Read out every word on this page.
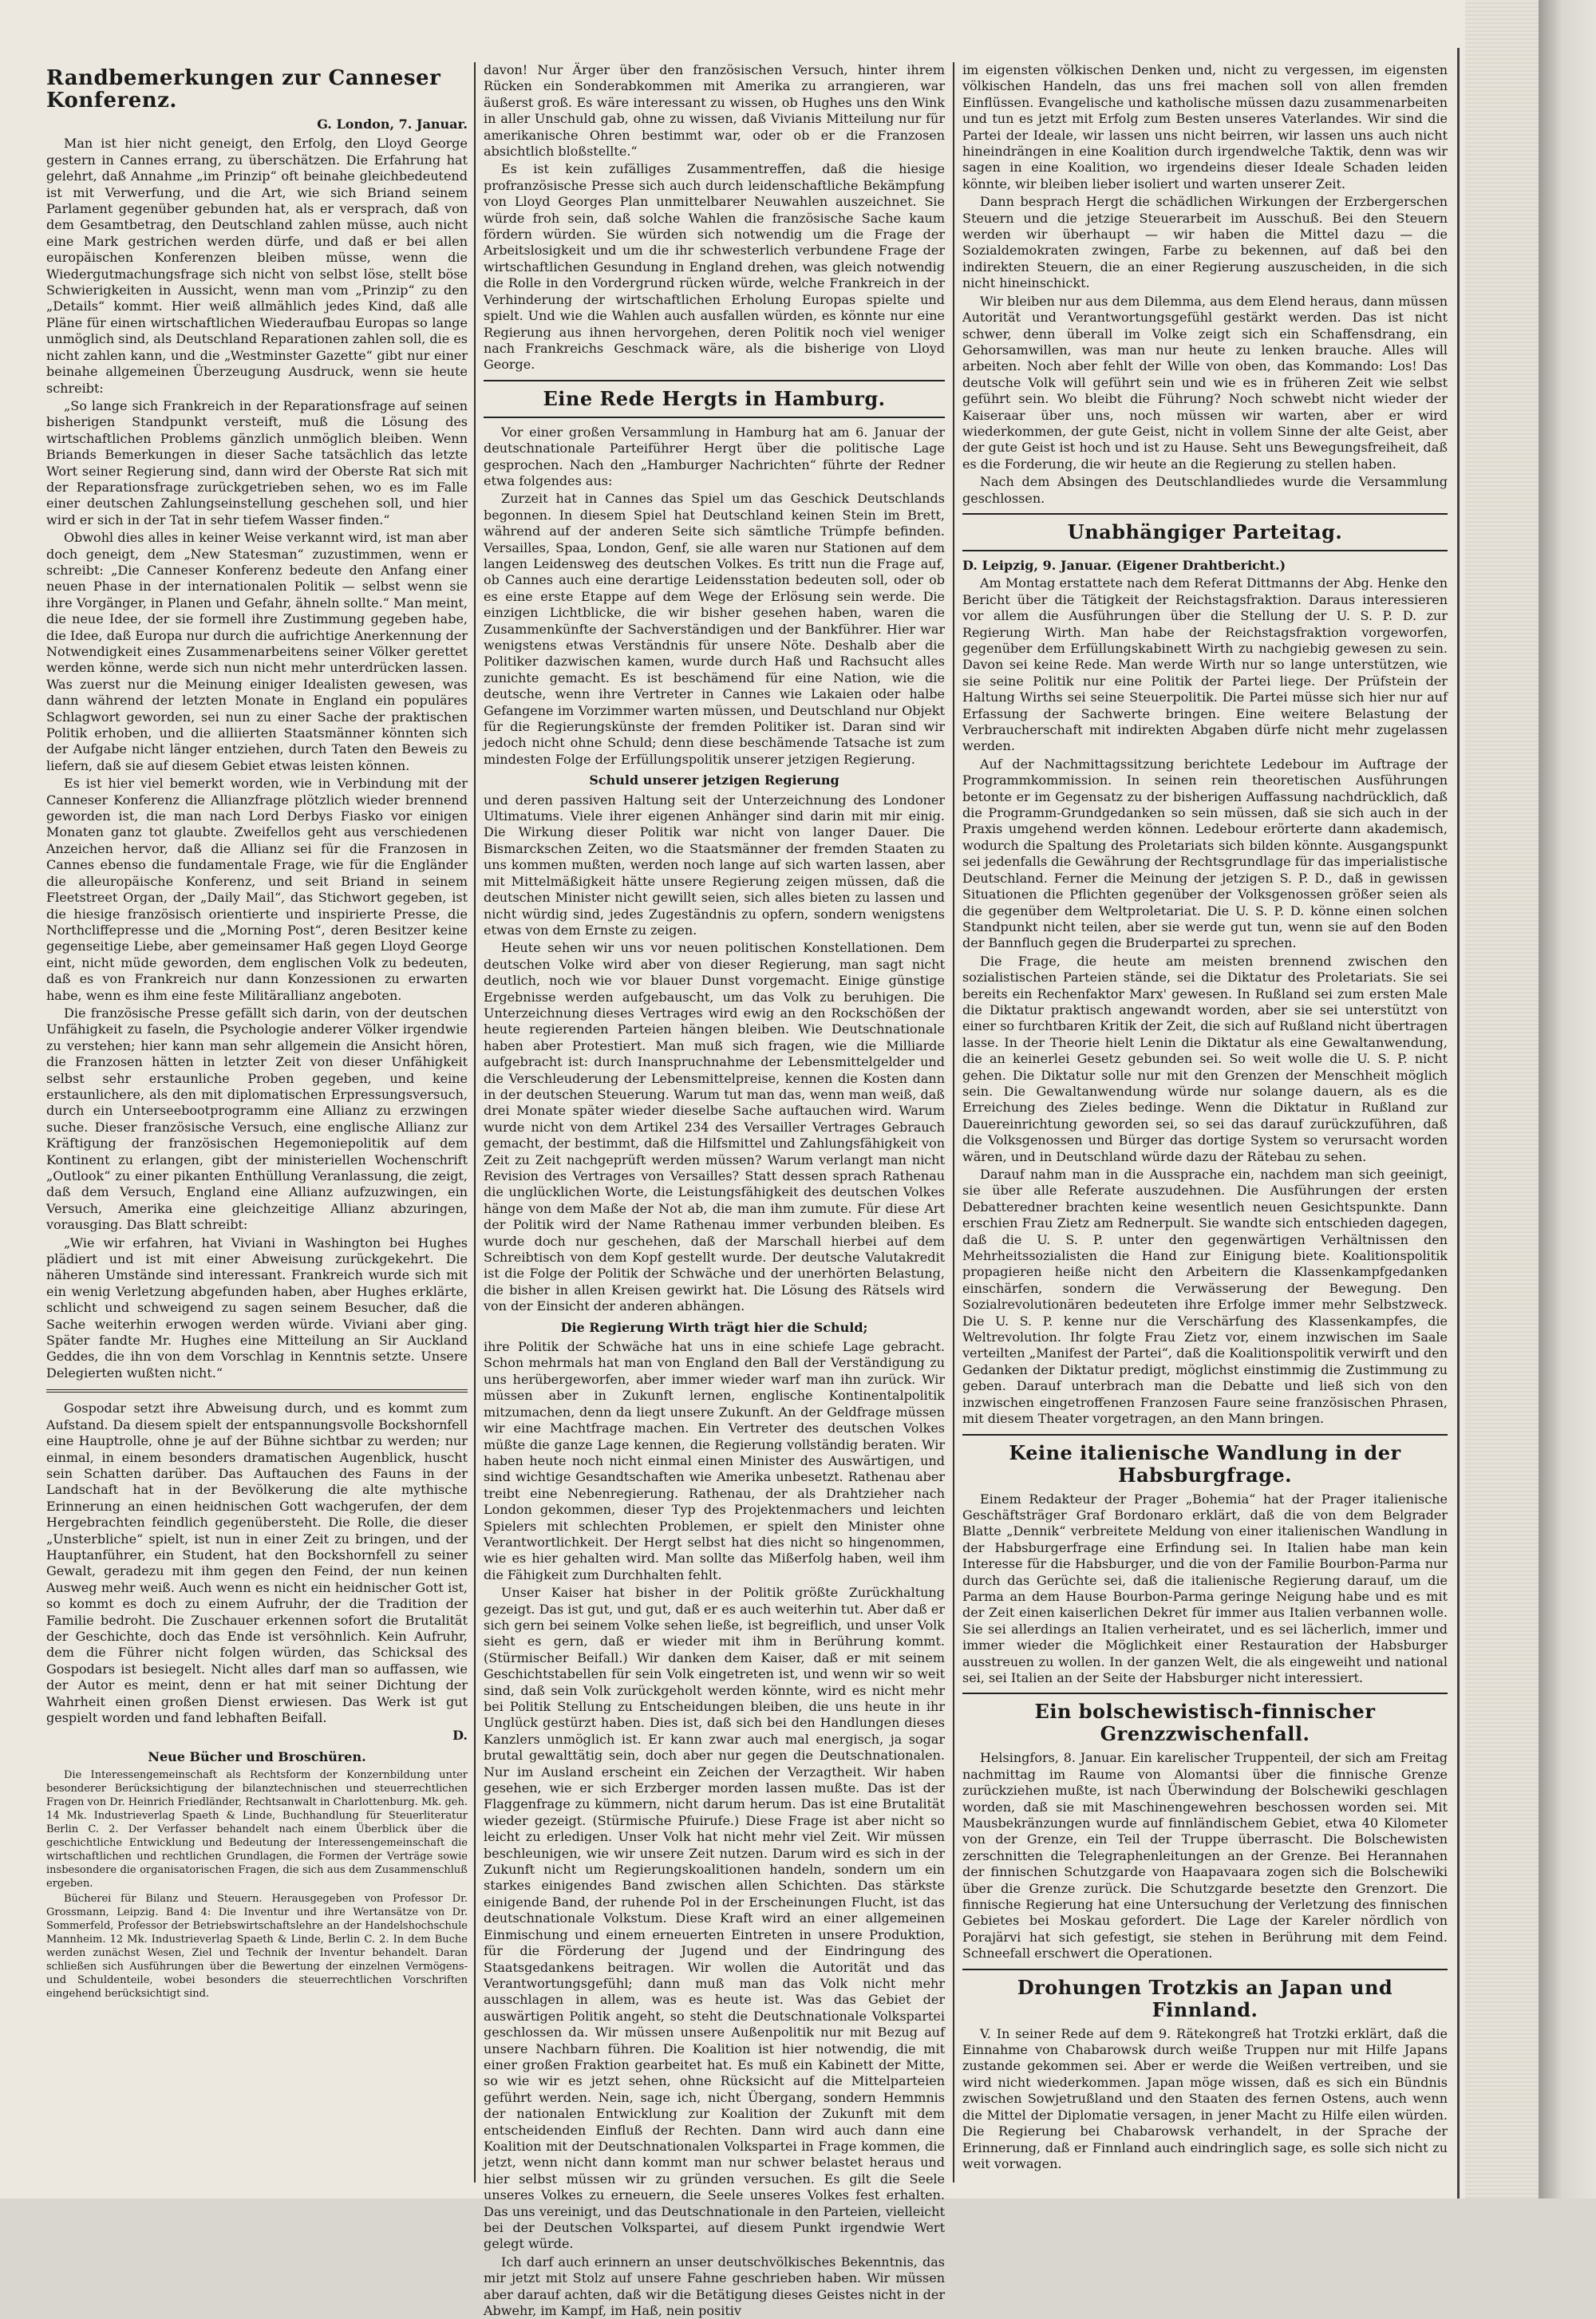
Randbemerkungen zur Canneser Konferenz.
G. London, 7. Januar.

Man ist hier nicht geneigt, den Erfolg, den Lloyd George gestern in Cannes errang, zu überschätzen. Die Erfahrung hat gelehrt, daß Annahme „im Prinzip“ oft beinahe gleichbedeutend ist mit Verwerfung, und die Art, wie sich Briand seinem Parlament gegenüber gebunden hat, als er versprach, daß von dem Gesamtbetrag, den Deutschland zahlen müsse, auch nicht eine Mark gestrichen werden dürfe, und daß er bei allen europäischen Konferenzen bleiben müsse, wenn die Wiedergutmachungsfrage sich nicht von selbst löse, stellt böse Schwierigkeiten in Aussicht, wenn man vom „Prinzip“ zu den „Details“ kommt. Hier weiß allmählich jedes Kind, daß alle Pläne für einen wirtschaftlichen Wiederaufbau Europas so lange unmöglich sind, als Deutschland Reparationen zahlen soll, die es nicht zahlen kann, und die „Westminster Gazette“ gibt nur einer beinahe allgemeinen Überzeugung Ausdruck, wenn sie heute schreibt:

„So lange sich Frankreich in der Reparationsfrage auf seinen bisherigen Standpunkt versteift, muß die Lösung des wirtschaftlichen Problems gänzlich unmöglich bleiben. Wenn Briands Bemerkungen in dieser Sache tatsächlich das letzte Wort seiner Regierung sind, dann wird der Oberste Rat sich mit der Reparationsfrage zurückgetrieben sehen, wo es im Falle einer deutschen Zahlungseinstellung geschehen soll, und hier wird er sich in der Tat in sehr tiefem Wasser finden.“

Obwohl dies alles in keiner Weise verkannt wird, ist man aber doch geneigt, dem „New Statesman“ zuzustimmen, wenn er schreibt: „Die Canneser Konferenz bedeute den Anfang einer neuen Phase in der internationalen Politik — selbst wenn sie ihre Vorgänger, in Planen und Gefahr, ähneln sollte.“ Man meint, die neue Idee, der sie formell ihre Zustimmung gegeben habe, die Idee, daß Europa nur durch die aufrichtige Anerkennung der Notwendigkeit eines Zusammenarbeitens seiner Völker gerettet werden könne, werde sich nun nicht mehr unterdrücken lassen. Was zuerst nur die Meinung einiger Idealisten gewesen, was dann während der letzten Monate in England ein populäres Schlagwort geworden, sei nun zu einer Sache der praktischen Politik erhoben, und die alliierten Staatsmänner könnten sich der Aufgabe nicht länger entziehen, durch Taten den Beweis zu liefern, daß sie auf diesem Gebiet etwas leisten können.

Es ist hier viel bemerkt worden, wie in Verbindung mit der Canneser Konferenz die Allianzfrage plötzlich wieder brennend geworden ist, die man nach Lord Derbys Fiasko vor einigen Monaten ganz tot glaubte. Zweifellos geht aus verschiedenen Anzeichen hervor, daß die Allianz sei für die Franzosen in Cannes ebenso die fundamentale Frage, wie für die Engländer die alleuropäische Konferenz, und seit Briand in seinem Fleetstreet Organ, der „Daily Mail“, das Stichwort gegeben, ist die hiesige französisch orientierte und inspirierte Presse, die Northcliffepresse und die „Morning Post“, deren Besitzer keine gegenseitige Liebe, aber gemeinsamer Haß gegen Lloyd George eint, nicht müde geworden, dem englischen Volk zu bedeuten, daß es von Frankreich nur dann Konzessionen zu erwarten habe, wenn es ihm eine feste Militärallianz angeboten.

Die französische Presse gefällt sich darin, von der deutschen Unfähigkeit zu faseln, die Psychologie anderer Völker irgendwie zu verstehen; hier kann man sehr allgemein die Ansicht hören, die Franzosen hätten in letzter Zeit von dieser Unfähigkeit selbst sehr erstaunliche Proben gegeben, und keine erstaunlichere, als den mit diplomatischen Erpressungsversuch, durch ein Unterseebootprogramm eine Allianz zu erzwingen suche. Dieser französische Versuch, eine englische Allianz zur Kräftigung der französischen Hegemoniepolitik auf dem Kontinent zu erlangen, gibt der ministeriellen Wochenschrift „Outlook“ zu einer pikanten Enthüllung Veranlassung, die zeigt, daß dem Versuch, England eine Allianz aufzuzwingen, ein Versuch, Amerika eine gleichzeitige Allianz abzuringen, vorausging. Das Blatt schreibt:

„Wie wir erfahren, hat Viviani in Washington bei Hughes plädiert und ist mit einer Abweisung zurückgekehrt. Die näheren Umstände sind interessant. Frankreich wurde sich mit ein wenig Verletzung abgefunden haben, aber Hughes erklärte, schlicht und schweigend zu sagen seinem Besucher, daß die Sache weiterhin erwogen werden würde. Viviani aber ging. Später fandte Mr. Hughes eine Mitteilung an Sir Auckland Geddes, die ihn von dem Vorschlag in Kenntnis setzte. Unsere Delegierten wußten nicht.“

Gospodar setzt ihre Abweisung durch, und es kommt zum Aufstand. Da diesem spielt der entspannungsvolle Bockshornfell eine Hauptrolle, ohne je auf der Bühne sichtbar zu werden; nur einmal, in einem besonders dramatischen Augenblick, huscht sein Schatten darüber. Das Auftauchen des Fauns in der Landschaft hat in der Bevölkerung die alte mythische Erinnerung an einen heidnischen Gott wachgerufen, der dem Hergebrachten feindlich gegenübersteht. Die Rolle, die dieser „Unsterbliche“ spielt, ist nun in einer Zeit zu bringen, und der Hauptanführer, ein Student, hat den Bockshornfell zu seiner Gewalt, geradezu mit ihm gegen den Feind, der nun keinen Ausweg mehr weiß. Auch wenn es nicht ein heidnischer Gott ist, so kommt es doch zu einem Aufruhr, der die Tradition der Familie bedroht. Die Zuschauer erkennen sofort die Brutalität der Geschichte, doch das Ende ist versöhnlich. Kein Aufruhr, dem die Führer nicht folgen würden, das Schicksal des Gospodars ist besiegelt. Nicht alles darf man so auffassen, wie der Autor es meint, denn er hat mit seiner Dichtung der Wahrheit einen großen Dienst erwiesen. Das Werk ist gut gespielt worden und fand lebhaften Beifall.

D.
Neue Bücher und Broschüren.

Die Interessengemeinschaft als Rechtsform der Konzernbildung unter besonderer Berücksichtigung der bilanztechnischen und steuerrechtlichen Fragen von Dr. Heinrich Friedländer, Rechtsanwalt in Charlottenburg. Mk. geh. 14 Mk. Industrieverlag Spaeth & Linde, Buchhandlung für Steuerliteratur Berlin C. 2. Der Verfasser behandelt nach einem Überblick über die geschichtliche Entwicklung und Bedeutung der Interessengemeinschaft die wirtschaftlichen und rechtlichen Grundlagen, die Formen der Verträge sowie insbesondere die organisatorischen Fragen, die sich aus dem Zusammenschluß ergeben.

Bücherei für Bilanz und Steuern. Herausgegeben von Professor Dr. Grossmann, Leipzig. Band 4: Die Inventur und ihre Wertansätze von Dr. Sommerfeld, Professor der Betriebswirtschaftslehre an der Handelshochschule Mannheim. 12 Mk. Industrieverlag Spaeth & Linde, Berlin C. 2. In dem Buche werden zunächst Wesen, Ziel und Technik der Inventur behandelt. Daran schließen sich Ausführungen über die Bewertung der einzelnen Vermögens- und Schuldenteile, wobei besonders die steuerrechtlichen Vorschriften eingehend berücksichtigt sind.

davon! Nur Ärger über den französischen Versuch, hinter ihrem Rücken ein Sonderabkommen mit Amerika zu arrangieren, war äußerst groß. Es wäre interessant zu wissen, ob Hughes uns den Wink in aller Unschuld gab, ohne zu wissen, daß Vivianis Mitteilung nur für amerikanische Ohren bestimmt war, oder ob er die Franzosen absichtlich bloßstellte.“

Es ist kein zufälliges Zusammentreffen, daß die hiesige profranzösische Presse sich auch durch leidenschaftliche Bekämpfung von Lloyd Georges Plan unmittelbarer Neuwahlen auszeichnet. Sie würde froh sein, daß solche Wahlen die französische Sache kaum fördern würden. Sie würden sich notwendig um die Frage der Arbeitslosigkeit und um die ihr schwesterlich verbundene Frage der wirtschaftlichen Gesundung in England drehen, was gleich notwendig die Rolle in den Vordergrund rücken würde, welche Frankreich in der Verhinderung der wirtschaftlichen Erholung Europas spielte und spielt. Und wie die Wahlen auch ausfallen würden, es könnte nur eine Regierung aus ihnen hervorgehen, deren Politik noch viel weniger nach Frankreichs Geschmack wäre, als die bisherige von Lloyd George.

Eine Rede Hergts in Hamburg.

Vor einer großen Versammlung in Hamburg hat am 6. Januar der deutschnationale Parteiführer Hergt über die politische Lage gesprochen. Nach den „Hamburger Nachrichten“ führte der Redner etwa folgendes aus:

Zurzeit hat in Cannes das Spiel um das Geschick Deutschlands begonnen. In diesem Spiel hat Deutschland keinen Stein im Brett, während auf der anderen Seite sich sämtliche Trümpfe befinden. Versailles, Spaa, London, Genf, sie alle waren nur Stationen auf dem langen Leidensweg des deutschen Volkes. Es tritt nun die Frage auf, ob Cannes auch eine derartige Leidensstation bedeuten soll, oder ob es eine erste Etappe auf dem Wege der Erlösung sein werde. Die einzigen Lichtblicke, die wir bisher gesehen haben, waren die Zusammenkünfte der Sachverständigen und der Bankführer. Hier war wenigstens etwas Verständnis für unsere Nöte. Deshalb aber die Politiker dazwischen kamen, wurde durch Haß und Rachsucht alles zunichte gemacht. Es ist beschämend für eine Nation, wie die deutsche, wenn ihre Vertreter in Cannes wie Lakaien oder halbe Gefangene im Vorzimmer warten müssen, und Deutschland nur Objekt für die Regierungskünste der fremden Politiker ist. Daran sind wir jedoch nicht ohne Schuld; denn diese beschämende Tatsache ist zum mindesten Folge der Erfüllungspolitik unserer jetzigen Regierung.

Schuld unserer jetzigen Regierung

und deren passiven Haltung seit der Unterzeichnung des Londoner Ultimatums. Viele ihrer eigenen Anhänger sind darin mit mir einig. Die Wirkung dieser Politik war nicht von langer Dauer. Die Bismarckschen Zeiten, wo die Staatsmänner der fremden Staaten zu uns kommen mußten, werden noch lange auf sich warten lassen, aber mit Mittelmäßigkeit hätte unsere Regierung zeigen müssen, daß die deutschen Minister nicht gewillt seien, sich alles bieten zu lassen und nicht würdig sind, jedes Zugeständnis zu opfern, sondern wenigstens etwas von dem Ernste zu zeigen.

Heute sehen wir uns vor neuen politischen Konstellationen. Dem deutschen Volke wird aber von dieser Regierung, man sagt nicht deutlich, noch wie vor blauer Dunst vorgemacht. Einige günstige Ergebnisse werden aufgebauscht, um das Volk zu beruhigen. Die Unterzeichnung dieses Vertrages wird ewig an den Rockschößen der heute regierenden Parteien hängen bleiben. Wie Deutschnationale haben aber Protestiert. Man muß sich fragen, wie die Milliarde aufgebracht ist: durch Inanspruchnahme der Lebensmittelgelder und die Verschleuderung der Lebensmittelpreise, kennen die Kosten dann in der deutschen Steuerung. Warum tut man das, wenn man weiß, daß drei Monate später wieder dieselbe Sache auftauchen wird. Warum wurde nicht von dem Artikel 234 des Versailler Vertrages Gebrauch gemacht, der bestimmt, daß die Hilfsmittel und Zahlungsfähigkeit von Zeit zu Zeit nachgeprüft werden müssen? Warum verlangt man nicht Revision des Vertrages von Versailles? Statt dessen sprach Rathenau die unglücklichen Worte, die Leistungsfähigkeit des deutschen Volkes hänge von dem Maße der Not ab, die man ihm zumute. Für diese Art der Politik wird der Name Rathenau immer verbunden bleiben. Es wurde doch nur geschehen, daß der Marschall hierbei auf dem Schreibtisch von dem Kopf gestellt wurde. Der deutsche Valutakredit ist die Folge der Politik der Schwäche und der unerhörten Belastung, die bisher in allen Kreisen gewirkt hat. Die Lösung des Rätsels wird von der Einsicht der anderen abhängen.

Die Regierung Wirth trägt hier die Schuld;

ihre Politik der Schwäche hat uns in eine schiefe Lage gebracht. Schon mehrmals hat man von England den Ball der Verständigung zu uns herübergeworfen, aber immer wieder warf man ihn zurück. Wir müssen aber in Zukunft lernen, englische Kontinentalpolitik mitzumachen, denn da liegt unsere Zukunft. An der Geldfrage müssen wir eine Machtfrage machen. Ein Vertreter des deutschen Volkes müßte die ganze Lage kennen, die Regierung vollständig beraten. Wir haben heute noch nicht einmal einen Minister des Auswärtigen, und sind wichtige Gesandtschaften wie Amerika unbesetzt. Rathenau aber treibt eine Nebenregierung. Rathenau, der als Drahtzieher nach London gekommen, dieser Typ des Projektenmachers und leichten Spielers mit schlechten Problemen, er spielt den Minister ohne Verantwortlichkeit. Der Hergt selbst hat dies nicht so hingenommen, wie es hier gehalten wird. Man sollte das Mißerfolg haben, weil ihm die Fähigkeit zum Durchhalten fehlt.

Unser Kaiser hat bisher in der Politik größte Zurückhaltung gezeigt. Das ist gut, und gut, daß er es auch weiterhin tut. Aber daß er sich gern bei seinem Volke sehen ließe, ist begreiflich, und unser Volk sieht es gern, daß er wieder mit ihm in Berührung kommt. (Stürmischer Beifall.) Wir danken dem Kaiser, daß er mit seinem Geschichtstabellen für sein Volk eingetreten ist, und wenn wir so weit sind, daß sein Volk zurückgeholt werden könnte, wird es nicht mehr bei Politik Stellung zu Entscheidungen bleiben, die uns heute in ihr Unglück gestürzt haben. Dies ist, daß sich bei den Handlungen dieses Kanzlers unmöglich ist. Er kann zwar auch mal energisch, ja sogar brutal gewalttätig sein, doch aber nur gegen die Deutschnationalen. Nur im Ausland erscheint ein Zeichen der Verzagtheit. Wir haben gesehen, wie er sich Erzberger morden lassen mußte. Das ist der Flaggenfrage zu kümmern, nicht darum herum. Das ist eine Brutalität wieder gezeigt. (Stürmische Pfuirufe.) Diese Frage ist aber nicht so leicht zu erledigen. Unser Volk hat nicht mehr viel Zeit. Wir müssen beschleunigen, wie wir unsere Zeit nutzen. Darum wird es sich in der Zukunft nicht um Regierungskoalitionen handeln, sondern um ein starkes einigendes Band zwischen allen Schichten. Das stärkste einigende Band, der ruhende Pol in der Erscheinungen Flucht, ist das deutschnationale Volkstum. Diese Kraft wird an einer allgemeinen Einmischung und einem erneuerten Eintreten in unsere Produktion, für die Förderung der Jugend und der Eindringung des Staatsgedankens beitragen. Wir wollen die Autorität und das Verantwortungsgefühl; dann muß man das Volk nicht mehr ausschlagen in allem, was es heute ist. Was das Gebiet der auswärtigen Politik angeht, so steht die Deutschnationale Volkspartei geschlossen da. Wir müssen unsere Außenpolitik nur mit Bezug auf unsere Nachbarn führen. Die Koalition ist hier notwendig, die mit einer großen Fraktion gearbeitet hat. Es muß ein Kabinett der Mitte, so wie wir es jetzt sehen, ohne Rücksicht auf die Mittelparteien geführt werden. Nein, sage ich, nicht Übergang, sondern Hemmnis der nationalen Entwicklung zur Koalition der Zukunft mit dem entscheidenden Einfluß der Rechten. Dann wird auch dann eine Koalition mit der Deutschnationalen Volkspartei in Frage kommen, die jetzt, wenn nicht dann kommt man nur schwer belastet heraus und hier selbst müssen wir zu gründen versuchen. Es gilt die Seele unseres Volkes zu erneuern, die Seele unseres Volkes fest erhalten. Das uns vereinigt, und das Deutschnationale in den Parteien, vielleicht bei der Deutschen Volkspartei, auf diesem Punkt irgendwie Wert gelegt würde.

Ich darf auch erinnern an unser deutschvölkisches Bekenntnis, das mir jetzt mit Stolz auf unsere Fahne geschrieben haben. Wir müssen aber darauf achten, daß wir die Betätigung dieses Geistes nicht in der Abwehr, im Kampf, im Haß, nein positiv

im eigensten völkischen Denken und, nicht zu vergessen, im eigensten völkischen Handeln, das uns frei machen soll von allen fremden Einflüssen. Evangelische und katholische müssen dazu zusammenarbeiten und tun es jetzt mit Erfolg zum Besten unseres Vaterlandes. Wir sind die Partei der Ideale, wir lassen uns nicht beirren, wir lassen uns auch nicht hineindrängen in eine Koalition durch irgendwelche Taktik, denn was wir sagen in eine Koalition, wo irgendeins dieser Ideale Schaden leiden könnte, wir bleiben lieber isoliert und warten unserer Zeit.

Dann besprach Hergt die schädlichen Wirkungen der Erzbergerschen Steuern und die jetzige Steuerarbeit im Ausschuß. Bei den Steuern werden wir überhaupt — wir haben die Mittel dazu — die Sozialdemokraten zwingen, Farbe zu bekennen, auf daß bei den indirekten Steuern, die an einer Regierung auszuscheiden, in die sich nicht hineinschickt.

Wir bleiben nur aus dem Dilemma, aus dem Elend heraus, dann müssen Autorität und Verantwortungsgefühl gestärkt werden. Das ist nicht schwer, denn überall im Volke zeigt sich ein Schaffensdrang, ein Gehorsamwillen, was man nur heute zu lenken brauche. Alles will arbeiten. Noch aber fehlt der Wille von oben, das Kommando: Los! Das deutsche Volk will geführt sein und wie es in früheren Zeit wie selbst geführt sein. Wo bleibt die Führung? Noch schwebt nicht wieder der Kaiseraar über uns, noch müssen wir warten, aber er wird wiederkommen, der gute Geist, nicht in vollem Sinne der alte Geist, aber der gute Geist ist hoch und ist zu Hause. Seht uns Bewegungsfreiheit, daß es die Forderung, die wir heute an die Regierung zu stellen haben.

Nach dem Absingen des Deutschlandliedes wurde die Versammlung geschlossen.

Unabhängiger Parteitag.

D. Leipzig, 9. Januar. (Eigener Drahtbericht.)

Am Montag erstattete nach dem Referat Dittmanns der Abg. Henke den Bericht über die Tätigkeit der Reichstagsfraktion. Daraus interessieren vor allem die Ausführungen über die Stellung der U. S. P. D. zur Regierung Wirth. Man habe der Reichstagsfraktion vorgeworfen, gegenüber dem Erfüllungskabinett Wirth zu nachgiebig gewesen zu sein. Davon sei keine Rede. Man werde Wirth nur so lange unterstützen, wie sie seine Politik nur eine Politik der Partei liege. Der Prüfstein der Haltung Wirths sei seine Steuerpolitik. Die Partei müsse sich hier nur auf Erfassung der Sachwerte bringen. Eine weitere Belastung der Verbraucherschaft mit indirekten Abgaben dürfe nicht mehr zugelassen werden.

Auf der Nachmittagssitzung berichtete Ledebour im Auftrage der Programmkommission. In seinen rein theoretischen Ausführungen betonte er im Gegensatz zu der bisherigen Auffassung nachdrücklich, daß die Programm-Grundgedanken so sein müssen, daß sie sich auch in der Praxis umgehend werden können. Ledebour erörterte dann akademisch, wodurch die Spaltung des Proletariats sich bilden könnte. Ausgangspunkt sei jedenfalls die Gewährung der Rechtsgrundlage für das imperialistische Deutschland. Ferner die Meinung der jetzigen S. P. D., daß in gewissen Situationen die Pflichten gegenüber der Volksgenossen größer seien als die gegenüber dem Weltproletariat. Die U. S. P. D. könne einen solchen Standpunkt nicht teilen, aber sie werde gut tun, wenn sie auf den Boden der Bannfluch gegen die Bruderpartei zu sprechen.

Die Frage, die heute am meisten brennend zwischen den sozialistischen Parteien stände, sei die Diktatur des Proletariats. Sie sei bereits ein Rechenfaktor Marx' gewesen. In Rußland sei zum ersten Male die Diktatur praktisch angewandt worden, aber sie sei unterstützt von einer so furchtbaren Kritik der Zeit, die sich auf Rußland nicht übertragen lasse. In der Theorie hielt Lenin die Diktatur als eine Gewaltanwendung, die an keinerlei Gesetz gebunden sei. So weit wolle die U. S. P. nicht gehen. Die Diktatur solle nur mit den Grenzen der Menschheit möglich sein. Die Gewaltanwendung würde nur solange dauern, als es die Erreichung des Zieles bedinge. Wenn die Diktatur in Rußland zur Dauereinrichtung geworden sei, so sei das darauf zurückzuführen, daß die Volksgenossen und Bürger das dortige System so verursacht worden wären, und in Deutschland würde dazu der Rätebau zu sehen.

Darauf nahm man in die Aussprache ein, nachdem man sich geeinigt, sie über alle Referate auszudehnen. Die Ausführungen der ersten Debatteredner brachten keine wesentlich neuen Gesichtspunkte. Dann erschien Frau Zietz am Rednerpult. Sie wandte sich entschieden dagegen, daß die U. S. P. unter den gegenwärtigen Verhältnissen den Mehrheitssozialisten die Hand zur Einigung biete. Koalitionspolitik propagieren heiße nicht den Arbeitern die Klassenkampfgedanken einschärfen, sondern die Verwässerung der Bewegung. Den Sozialrevolutionären bedeuteten ihre Erfolge immer mehr Selbstzweck. Die U. S. P. kenne nur die Verschärfung des Klassenkampfes, die Weltrevolution. Ihr folgte Frau Zietz vor, einem inzwischen im Saale verteilten „Manifest der Partei“, daß die Koalitionspolitik verwirft und den Gedanken der Diktatur predigt, möglichst einstimmig die Zustimmung zu geben. Darauf unterbrach man die Debatte und ließ sich von den inzwischen eingetroffenen Franzosen Faure seine französischen Phrasen, mit diesem Theater vorgetragen, an den Mann bringen.

Keine italienische Wandlung in der Habsburgfrage.

Einem Redakteur der Prager „Bohemia“ hat der Prager italienische Geschäftsträger Graf Bordonaro erklärt, daß die von dem Belgrader Blatte „Dennik“ verbreitete Meldung von einer italienischen Wandlung in der Habsburgerfrage eine Erfindung sei. In Italien habe man kein Interesse für die Habsburger, und die von der Familie Bourbon-Parma nur durch das Gerüchte sei, daß die italienische Regierung darauf, um die Parma an dem Hause Bourbon-Parma geringe Neigung habe und es mit der Zeit einen kaiserlichen Dekret für immer aus Italien verbannen wolle. Sie sei allerdings an Italien verheiratet, und es sei lächerlich, immer und immer wieder die Möglichkeit einer Restauration der Habsburger ausstreuen zu wollen. In der ganzen Welt, die als eingeweiht und national sei, sei Italien an der Seite der Habsburger nicht interessiert.

Ein bolschewistisch-finnischer Grenzzwischenfall.

Helsingfors, 8. Januar. Ein karelischer Truppenteil, der sich am Freitag nachmittag im Raume von Alomantsi über die finnische Grenze zurückziehen mußte, ist nach Überwindung der Bolschewiki geschlagen worden, daß sie mit Maschinengewehren beschossen worden sei. Mit Mausbekränzungen wurde auf finnländischem Gebiet, etwa 40 Kilometer von der Grenze, ein Teil der Truppe überrascht. Die Bolschewisten zerschnitten die Telegraphenleitungen an der Grenze. Bei Herannahen der finnischen Schutzgarde von Haapavaara zogen sich die Bolschewiki über die Grenze zurück. Die Schutzgarde besetzte den Grenzort. Die finnische Regierung hat eine Untersuchung der Verletzung des finnischen Gebietes bei Moskau gefordert. Die Lage der Kareler nördlich von Porajärvi hat sich gefestigt, sie stehen in Berührung mit dem Feind. Schneefall erschwert die Operationen.

Drohungen Trotzkis an Japan und Finnland.

V. In seiner Rede auf dem 9. Rätekongreß hat Trotzki erklärt, daß die Einnahme von Chabarowsk durch weiße Truppen nur mit Hilfe Japans zustande gekommen sei. Aber er werde die Weißen vertreiben, und sie wird nicht wiederkommen. Japan möge wissen, daß es sich ein Bündnis zwischen Sowjetrußland und den Staaten des fernen Ostens, auch wenn die Mittel der Diplomatie versagen, in jener Macht zu Hilfe eilen würden. Die Regierung bei Chabarowsk verhandelt, in der Sprache der Erinnerung, daß er Finnland auch eindringlich sage, es solle sich nicht zu weit vorwagen.
